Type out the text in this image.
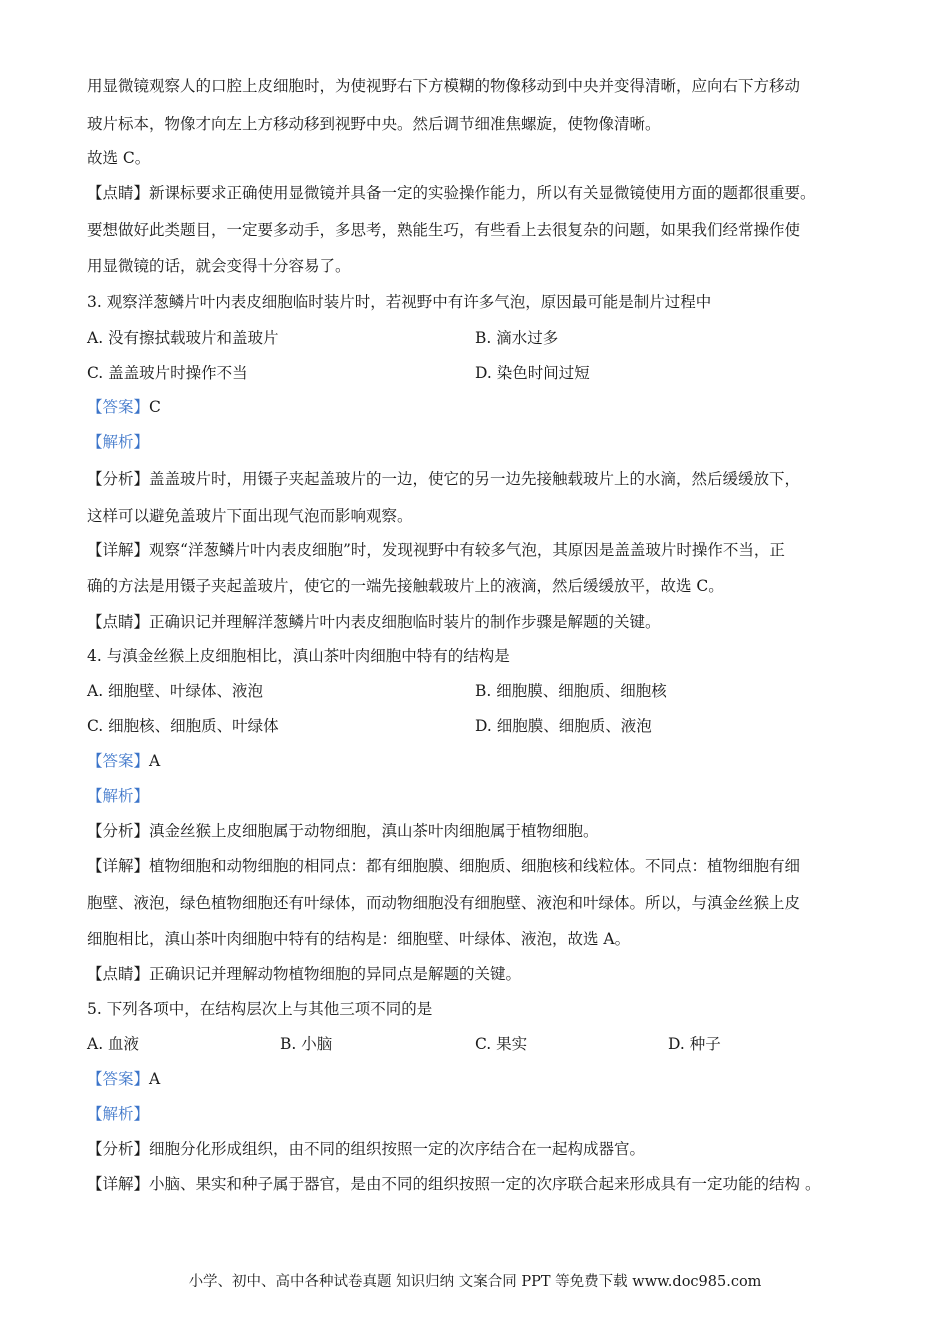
用显微镜观察人的口腔上皮细胞时，为使视野右下方模糊的物像移动到中央并变得清晰，应向右下方移动
玻片标本，物像才向左上方移动移到视野中央。然后调节细准焦螺旋，使物像清晰。
故选 C。
【点睛】新课标要求正确使用显微镜并具备一定的实验操作能力，所以有关显微镜使用方面的题都很重要。
要想做好此类题目，一定要多动手，多思考，熟能生巧，有些看上去很复杂的问题，如果我们经常操作使
用显微镜的话，就会变得十分容易了。
3. 观察洋葱鳞片叶内表皮细胞临时装片时，若视野中有许多气泡，原因最可能是制片过程中
A. 没有擦拭载玻片和盖玻片	B. 滴水过多
C. 盖盖玻片时操作不当	D. 染色时间过短
【答案】C
【解析】
【分析】盖盖玻片时，用镊子夹起盖玻片的一边，使它的另一边先接触载玻片上的水滴，然后缓缓放下，
这样可以避免盖玻片下面出现气泡而影响观察。
【详解】观察“洋葱鳞片叶内表皮细胞”时，发现视野中有较多气泡，其原因是盖盖玻片时操作不当，正
确的方法是用镊子夹起盖玻片，使它的一端先接触载玻片上的液滴，然后缓缓放平，故选 C。
【点睛】正确识记并理解洋葱鳞片叶内表皮细胞临时装片的制作步骤是解题的关键。
4. 与滇金丝猴上皮细胞相比，滇山茶叶肉细胞中特有的结构是
A. 细胞壁、叶绿体、液泡	B. 细胞膜、细胞质、细胞核
C. 细胞核、细胞质、叶绿体	D. 细胞膜、细胞质、液泡
【答案】A
【解析】
【分析】滇金丝猴上皮细胞属于动物细胞，滇山茶叶肉细胞属于植物细胞。
【详解】植物细胞和动物细胞的相同点：都有细胞膜、细胞质、细胞核和线粒体。不同点：植物细胞有细
胞壁、液泡，绿色植物细胞还有叶绿体，而动物细胞没有细胞壁、液泡和叶绿体。所以，与滇金丝猴上皮
细胞相比，滇山茶叶肉细胞中特有的结构是：细胞壁、叶绿体、液泡，故选 A。
【点睛】正确识记并理解动物植物细胞的异同点是解题的关键。
5. 下列各项中，在结构层次上与其他三项不同的是
A. 血液	B. 小脑	C. 果实	D. 种子
【答案】A
【解析】
【分析】细胞分化形成组织，由不同的组织按照一定的次序结合在一起构成器官。
【详解】小脑、果实和种子属于器官，是由不同的组织按照一定的次序联合起来形成具有一定功能的结构 。
小学、初中、高中各种试卷真题 知识归纳 文案合同 PPT 等免费下载 www.doc985.com
